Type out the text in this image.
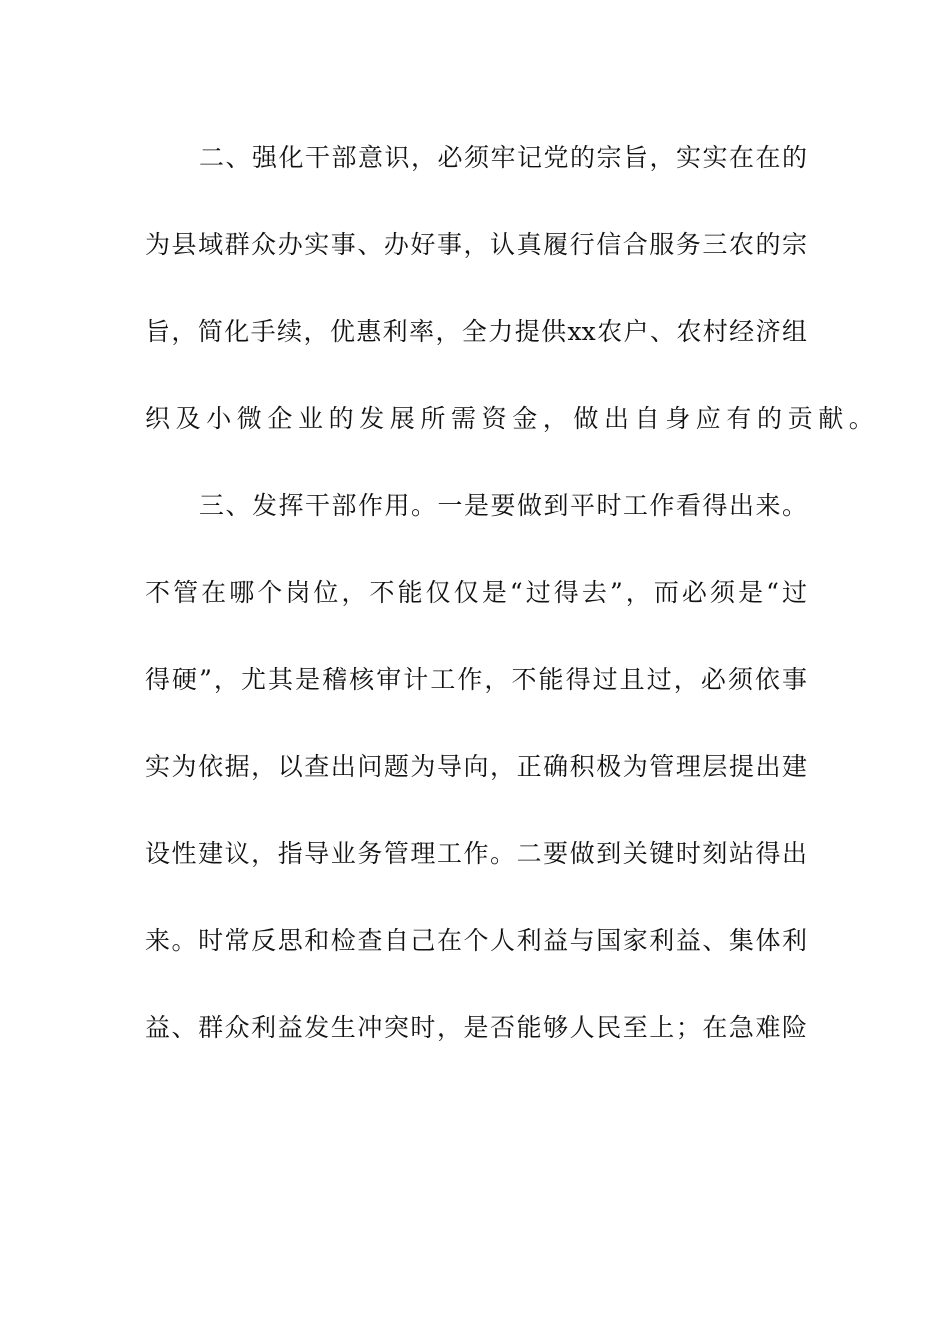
二、强化干部意识，必须牢记党的宗旨，实实在在的
为县域群众办实事、办好事，认真履行信合服务三农的宗
旨，简化手续，优惠利率，全力提供xx农户、农村经济组
织及小微企业的发展所需资金，做出自身应有的贡献。
三、发挥干部作用。一是要做到平时工作看得出来。
不管在哪个岗位，不能仅仅是“过得去”，而必须是“过
得硬”，尤其是稽核审计工作，不能得过且过，必须依事
实为依据，以查出问题为导向，正确积极为管理层提出建
设性建议，指导业务管理工作。二要做到关键时刻站得出
来。时常反思和检查自己在个人利益与国家利益、集体利
益、群众利益发生冲突时，是否能够人民至上；在急难险
